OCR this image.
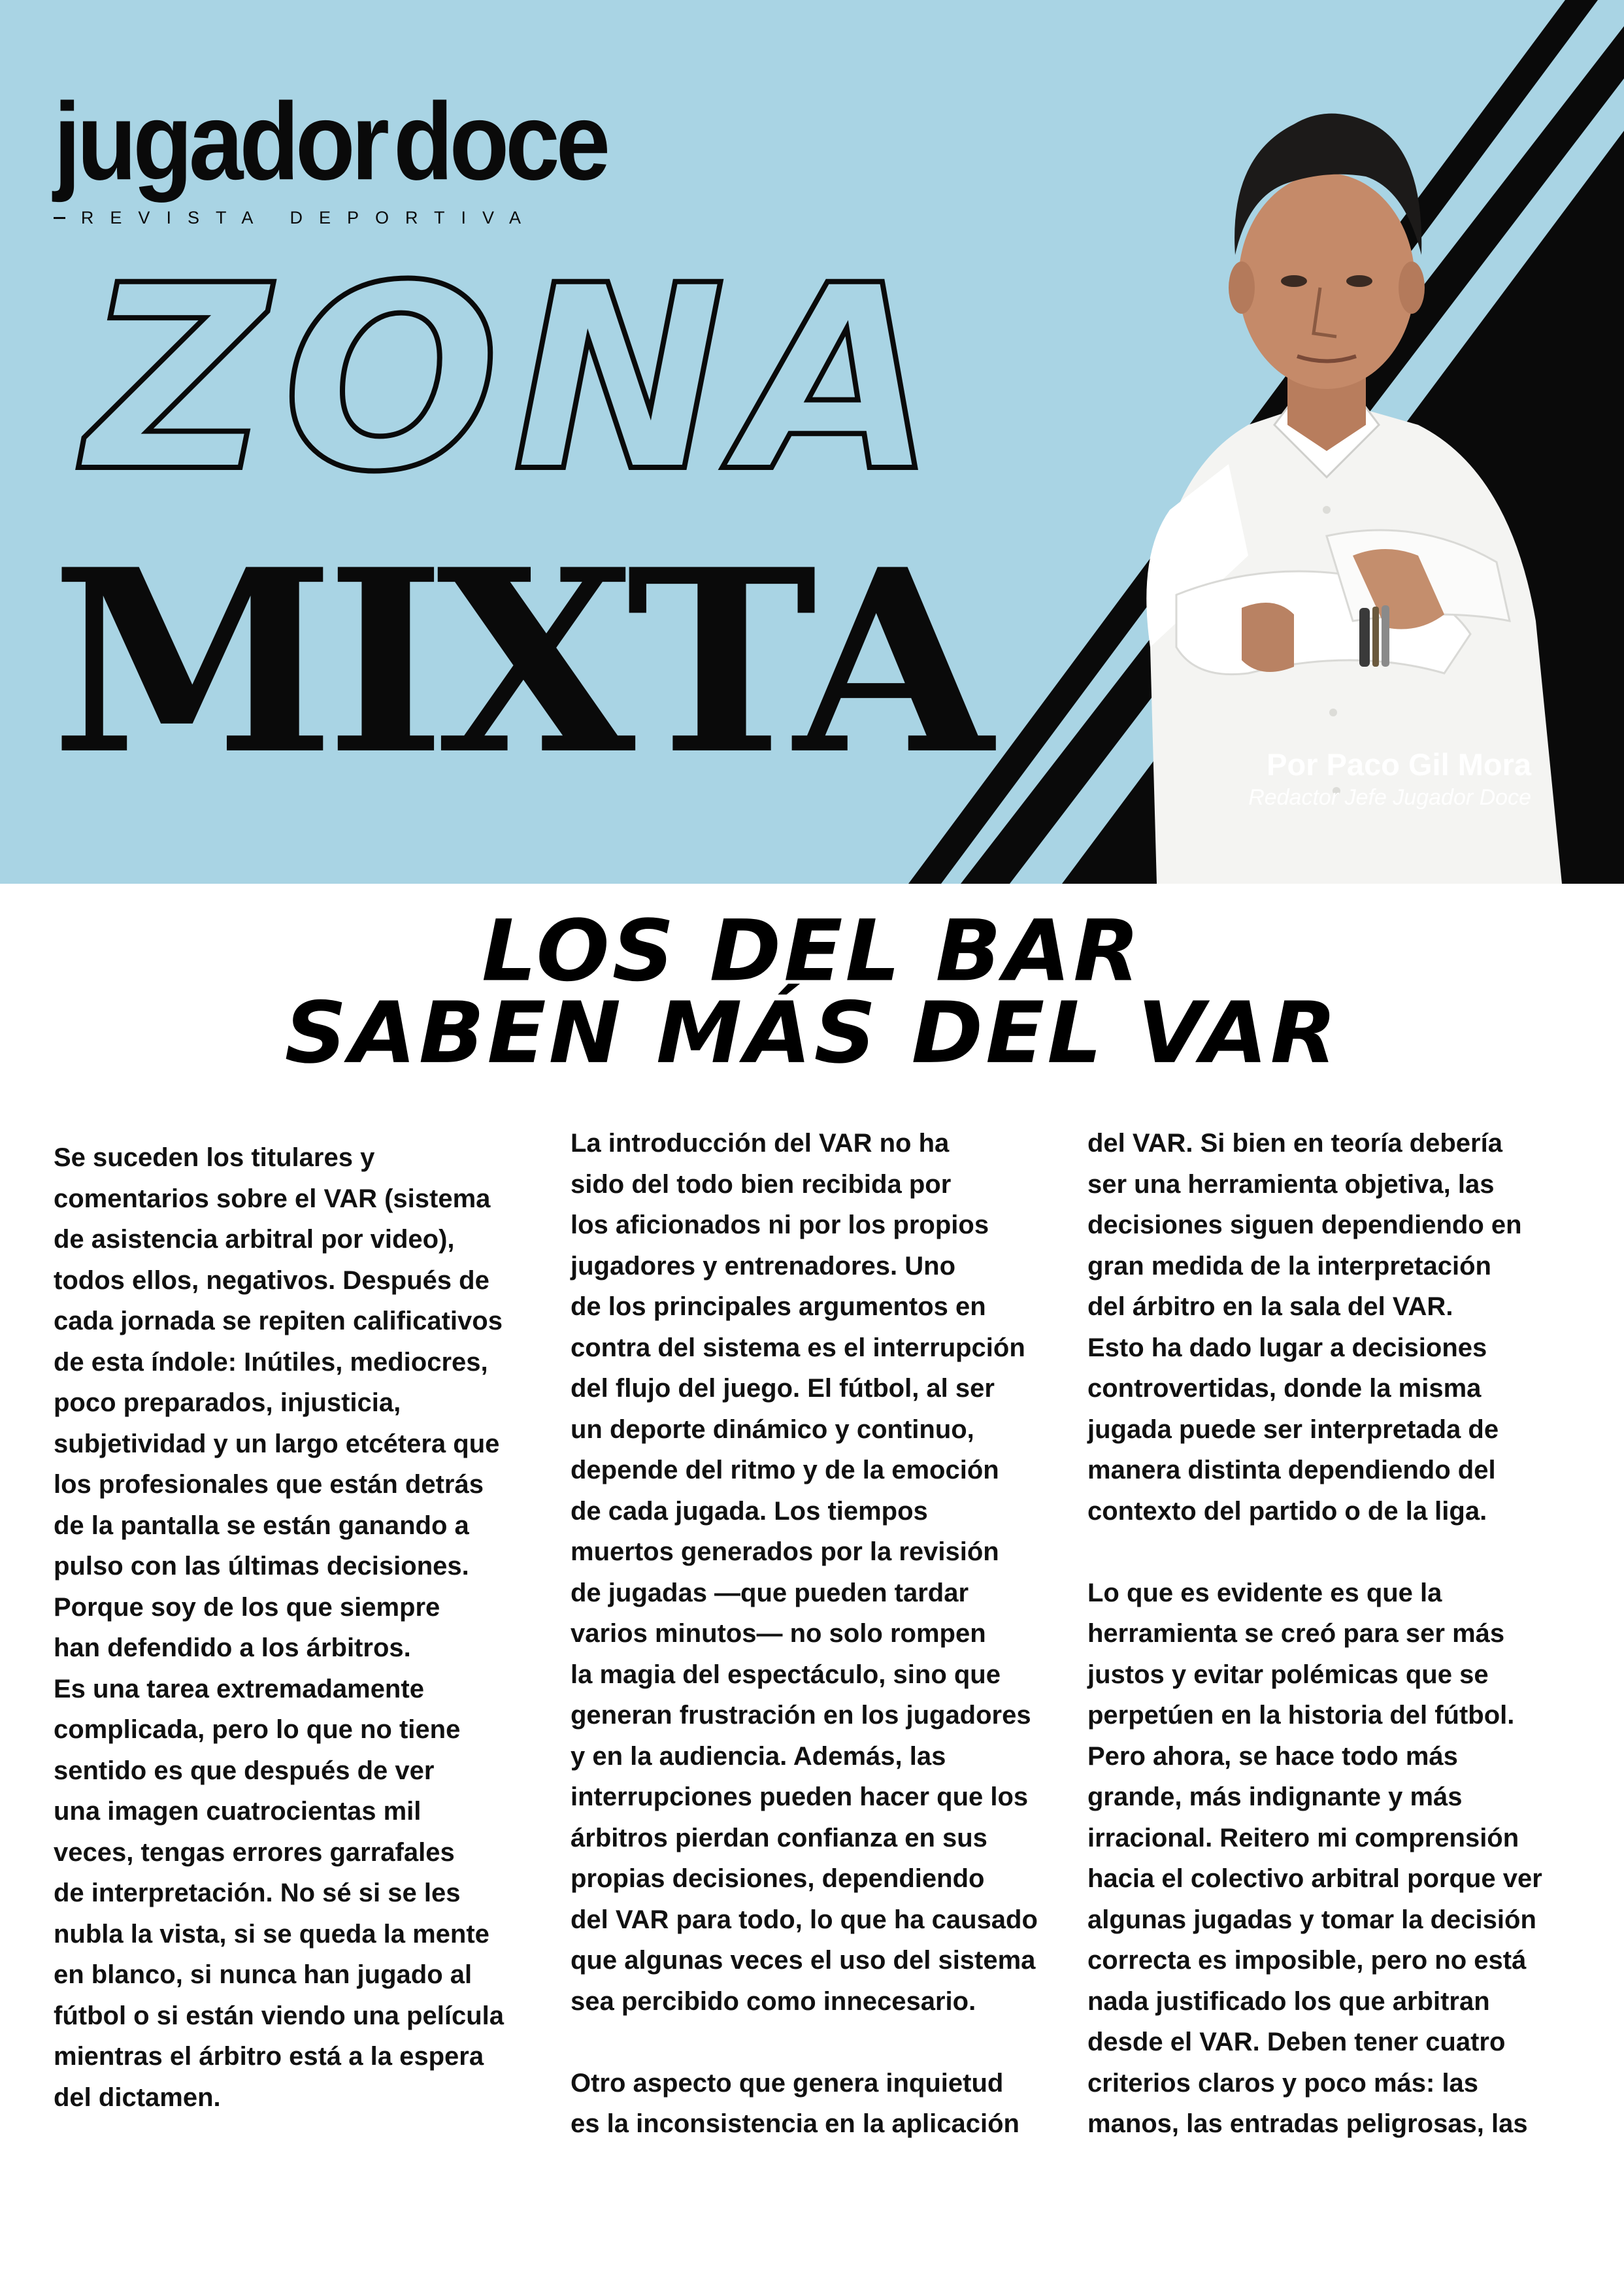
jugador doce
REVISTA DEPORTIVA
ZONA
MIXTA	Por Paco Gil Mora
Redactor Jefe Jugador Doce
LOS DEL BAR
SABEN MÁS DEL VAR

Se suceden los titulares y

comentarios sobre el VAR (sistema

de asistencia arbitral por video),

todos ellos, negativos. Después de

cada jornada se repiten calificativos

de esta índole: Inútiles, mediocres,

poco preparados, injusticia,

subjetividad y un largo etcétera que

los profesionales que están detrás

de la pantalla se están ganando a

pulso con las últimas decisiones.

Porque soy de los que siempre

han defendido a los árbitros.

Es una tarea extremadamente

complicada, pero lo que no tiene

sentido es que después de ver

una imagen cuatrocientas mil

veces, tengas errores garrafales

de interpretación. No sé si se les

nubla la vista, si se queda la mente

en blanco, si nunca han jugado al

fútbol o si están viendo una película

mientras el árbitro está a la espera

del dictamen.

La introducción del VAR no ha

sido del todo bien recibida por

los aficionados ni por los propios

jugadores y entrenadores. Uno

de los principales argumentos en

contra del sistema es el interrupción

del flujo del juego. El fútbol, al ser

un deporte dinámico y continuo,

depende del ritmo y de la emoción

de cada jugada. Los tiempos

muertos generados por la revisión

de jugadas —que pueden tardar

varios minutos— no solo rompen

la magia del espectáculo, sino que

generan frustración en los jugadores

y en la audiencia. Además, las

interrupciones pueden hacer que los

árbitros pierdan confianza en sus

propias decisiones, dependiendo

del VAR para todo, lo que ha causado

que algunas veces el uso del sistema

sea percibido como innecesario.

Otro aspecto que genera inquietud

es la inconsistencia en la aplicación

del VAR. Si bien en teoría debería

ser una herramienta objetiva, las

decisiones siguen dependiendo en

gran medida de la interpretación

del árbitro en la sala del VAR.

Esto ha dado lugar a decisiones

controvertidas, donde la misma

jugada puede ser interpretada de

manera distinta dependiendo del

contexto del partido o de la liga.

Lo que es evidente es que la

herramienta se creó para ser más

justos y evitar polémicas que se

perpetúen en la historia del fútbol.

Pero ahora, se hace todo más

grande, más indignante y más

irracional. Reitero mi comprensión

hacia el colectivo arbitral porque ver

algunas jugadas y tomar la decisión

correcta es imposible, pero no está

nada justificado los que arbitran

desde el VAR. Deben tener cuatro

criterios claros y poco más: las

manos, las entradas peligrosas, las
